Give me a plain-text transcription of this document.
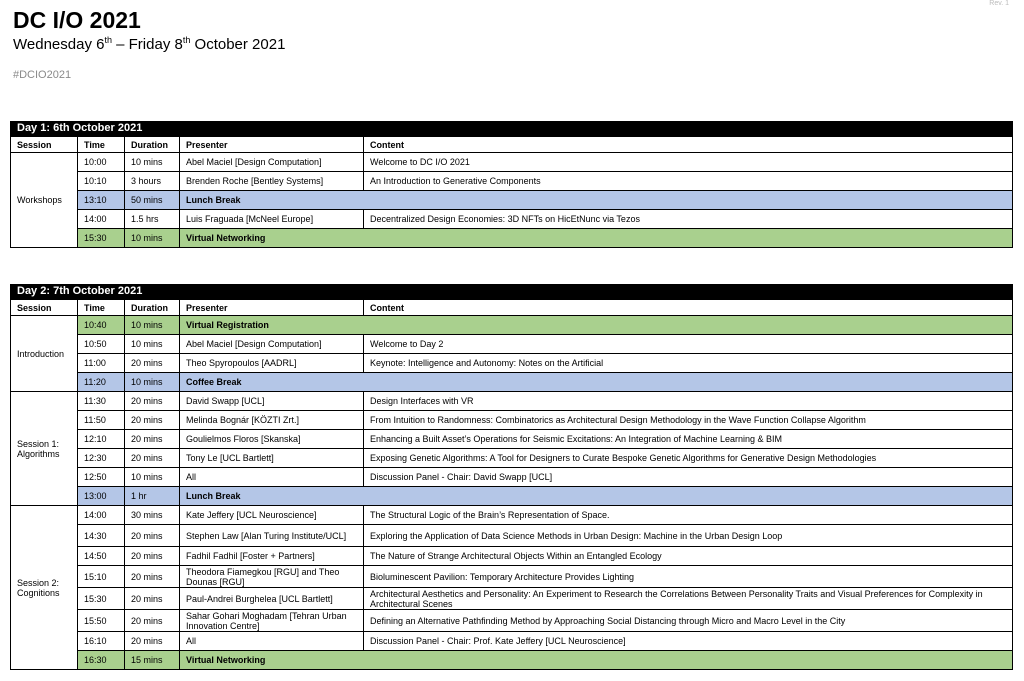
Rev. 1
DC I/O 2021
Wednesday 6th – Friday 8th October 2021
#DCIO2021
Day 1: 6th October 2021
Session	Time	Duration	Presenter	Content
Workshops	10:00	10 mins	Abel Maciel [Design Computation]	Welcome to DC I/O 2021
	10:10	3 hours	Brenden Roche [Bentley Systems]	An Introduction to Generative Components
	13:10	50 mins	Lunch Break	
	14:00	1.5 hrs	Luis Fraguada [McNeel Europe]	Decentralized Design Economies: 3D NFTs on HicEtNunc via Tezos
	15:30	10 mins	Virtual Networking	
Day 2: 7th October 2021
Session	Time	Duration	Presenter	Content
Introduction	10:40	10 mins	Virtual Registration	
	10:50	10 mins	Abel Maciel [Design Computation]	Welcome to Day 2
	11:00	20 mins	Theo Spyropoulos [AADRL]	Keynote: Intelligence and Autonomy: Notes on the Artificial
	11:20	10 mins	Coffee Break	
Session 1:
Algorithms	11:30	20 mins	David Swapp [UCL]	Design Interfaces with VR
	11:50	20 mins	Melinda Bognár [KÖZTI Zrt.]	From Intuition to Randomness: Combinatorics as Architectural Design Methodology in the Wave Function Collapse Algorithm
	12:10	20 mins	Goulielmos Floros [Skanska]	Enhancing a Built Asset’s Operations for Seismic Excitations: An Integration of Machine Learning & BIM
	12:30	20 mins	Tony Le [UCL Bartlett]	Exposing Genetic Algorithms: A Tool for Designers to Curate Bespoke Genetic Algorithms for Generative Design Methodologies
	12:50	10 mins	All	Discussion Panel - Chair: David Swapp [UCL]
	13:00	1 hr	Lunch Break	
Session 2:
Cognitions	14:00	30 mins	Kate Jeffery [UCL Neuroscience]	The Structural Logic of the Brain’s Representation of Space.
	14:30	20 mins	Stephen Law [Alan Turing Institute/UCL]	Exploring the Application of Data Science Methods in Urban Design: Machine in the Urban Design Loop
	14:50	20 mins	Fadhil Fadhil [Foster + Partners]	The Nature of Strange Architectural Objects Within an Entangled Ecology
	15:10	20 mins	Theodora Fiamegkou [RGU] and Theo Dounas [RGU]	Bioluminescent Pavilion: Temporary Architecture Provides Lighting
	15:30	20 mins	Paul-Andrei Burghelea [UCL Bartlett]	Architectural Aesthetics and Personality: An Experiment to Research the Correlations Between Personality Traits and Visual Preferences for Complexity in Architectural Scenes
	15:50	20 mins	Sahar Gohari Moghadam [Tehran Urban Innovation Centre]	Defining an Alternative Pathfinding Method by Approaching Social Distancing through Micro and Macro Level in the City
	16:10	20 mins	All	Discussion Panel - Chair: Prof. Kate Jeffery [UCL Neuroscience]
	16:30	15 mins	Virtual Networking	
